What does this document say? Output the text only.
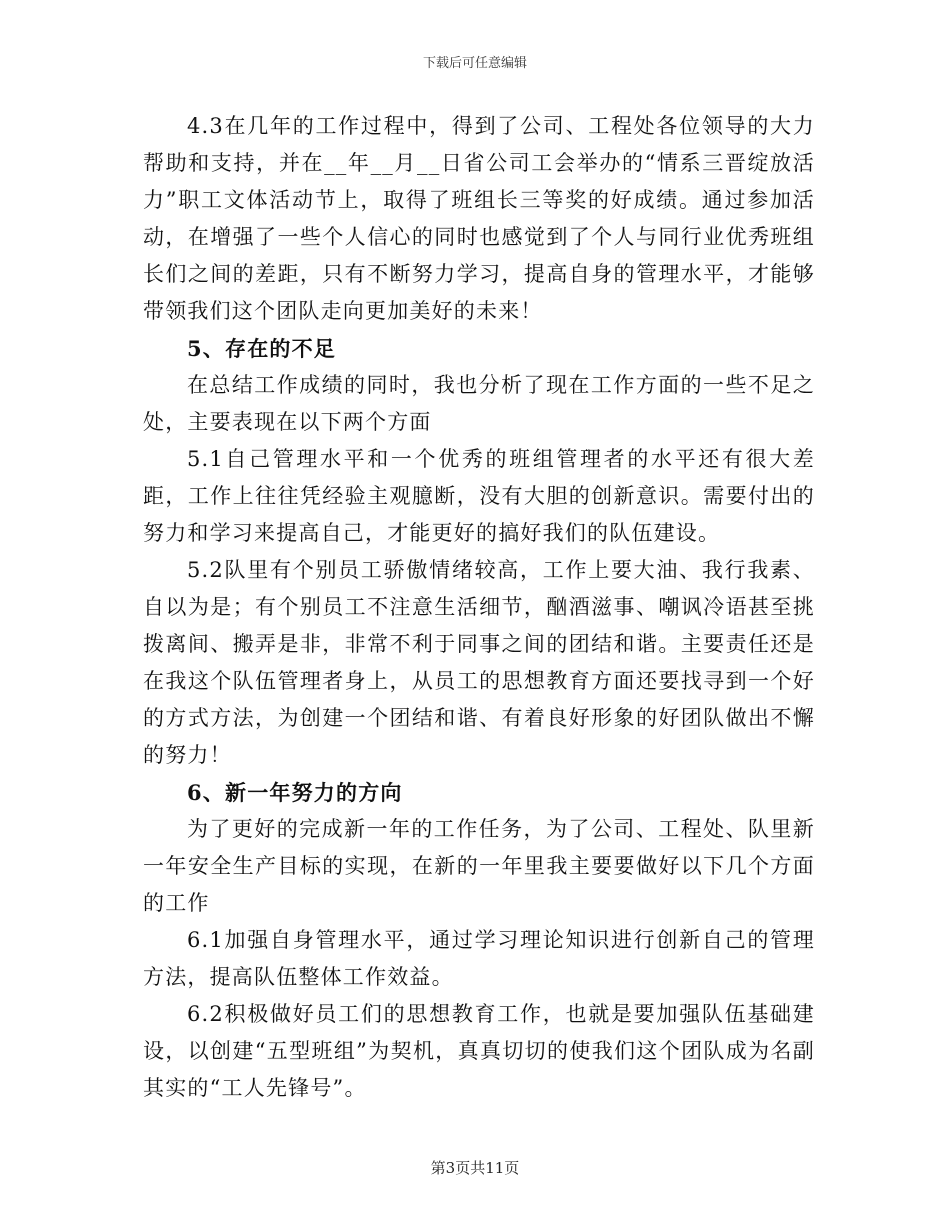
下载后可任意编辑

4.3在几年的工作过程中，得到了公司、工程处各位领导的大力帮助和支持，并在__年__月__日省公司工会举办的“情系三晋绽放活力”职工文体活动节上，取得了班组长三等奖的好成绩。通过参加活动，在增强了一些个人信心的同时也感觉到了个人与同行业优秀班组长们之间的差距，只有不断努力学习，提高自身的管理水平，才能够带领我们这个团队走向更加美好的未来！

5、存在的不足

在总结工作成绩的同时，我也分析了现在工作方面的一些不足之处，主要表现在以下两个方面

5.1自己管理水平和一个优秀的班组管理者的水平还有很大差距，工作上往往凭经验主观臆断，没有大胆的创新意识。需要付出的努力和学习来提高自己，才能更好的搞好我们的队伍建设。

5.2队里有个别员工骄傲情绪较高，工作上要大油、我行我素、自以为是；有个别员工不注意生活细节，酗酒滋事、嘲讽冷语甚至挑拨离间、搬弄是非，非常不利于同事之间的团结和谐。主要责任还是在我这个队伍管理者身上，从员工的思想教育方面还要找寻到一个好的方式方法，为创建一个团结和谐、有着良好形象的好团队做出不懈的努力！

6、新一年努力的方向

为了更好的完成新一年的工作任务，为了公司、工程处、队里新一年安全生产目标的实现，在新的一年里我主要要做好以下几个方面的工作

6.1加强自身管理水平，通过学习理论知识进行创新自己的管理方法，提高队伍整体工作效益。

6.2积极做好员工们的思想教育工作，也就是要加强队伍基础建设，以创建“五型班组”为契机，真真切切的使我们这个团队成为名副其实的“工人先锋号”。

第3页共11页
